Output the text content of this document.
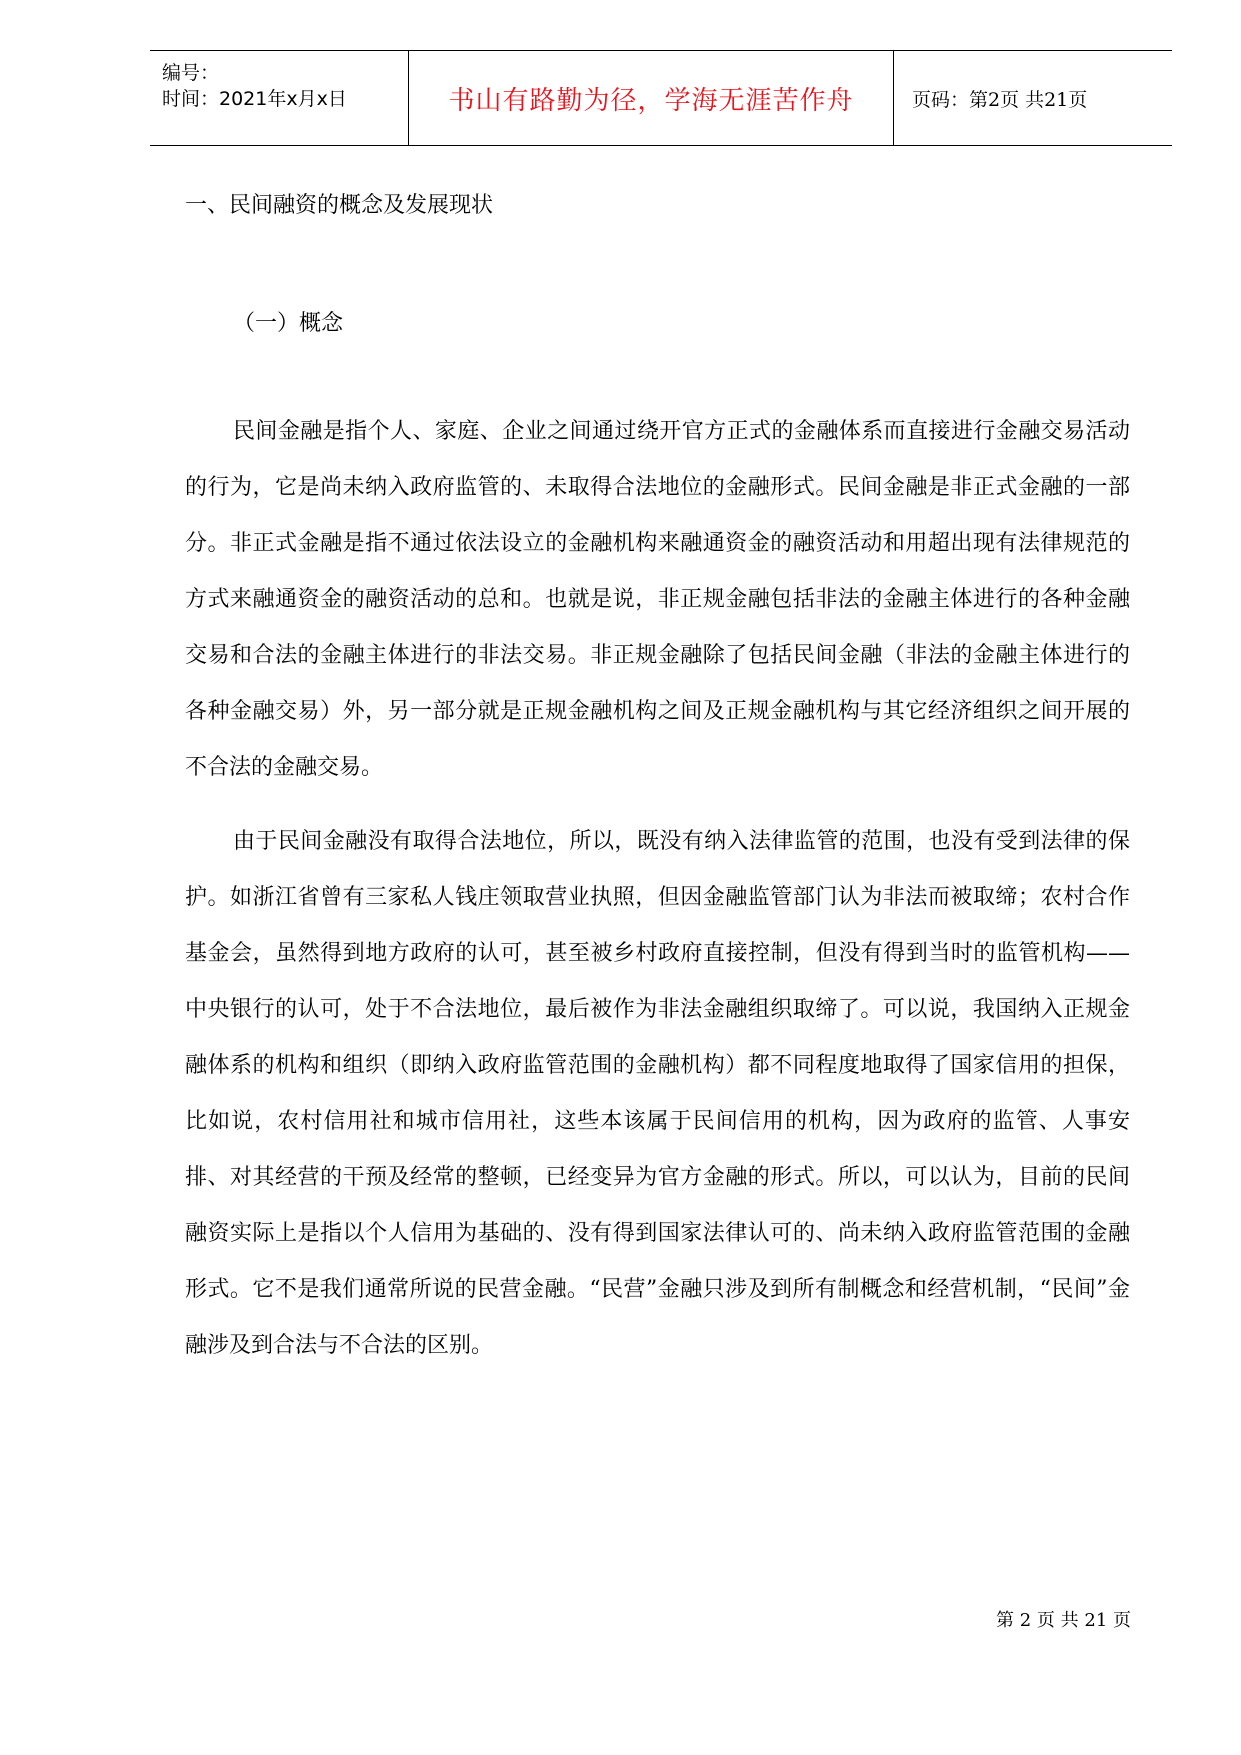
编号：
时间：2021年x月x日	书山有路勤为径，学海无涯苦作舟	页码：第2页 共21页
一、民间融资的概念及发展现状
（一）概念

民间金融是指个人、家庭、企业之间通过绕开官方正式的金融体系而直接进行金融交易活动的行为，它是尚未纳入政府监管的、未取得合法地位的金融形式。民间金融是非正式金融的一部分。非正式金融是指不通过依法设立的金融机构来融通资金的融资活动和用超出现有法律规范的方式来融通资金的融资活动的总和。也就是说，非正规金融包括非法的金融主体进行的各种金融交易和合法的金融主体进行的非法交易。非正规金融除了包括民间金融（非法的金融主体进行的各种金融交易）外，另一部分就是正规金融机构之间及正规金融机构与其它经济组织之间开展的不合法的金融交易。

由于民间金融没有取得合法地位，所以，既没有纳入法律监管的范围，也没有受到法律的保护。如浙江省曾有三家私人钱庄领取营业执照，但因金融监管部门认为非法而被取缔；农村合作基金会，虽然得到地方政府的认可，甚至被乡村政府直接控制，但没有得到当时的监管机构——中央银行的认可，处于不合法地位，最后被作为非法金融组织取缔了。可以说，我国纳入正规金融体系的机构和组织（即纳入政府监管范围的金融机构）都不同程度地取得了国家信用的担保，比如说，农村信用社和城市信用社，这些本该属于民间信用的机构，因为政府的监管、人事安排、对其经营的干预及经常的整顿，已经变异为官方金融的形式。所以，可以认为，目前的民间融资实际上是指以个人信用为基础的、没有得到国家法律认可的、尚未纳入政府监管范围的金融形式。它不是我们通常所说的民营金融。“民营”金融只涉及到所有制概念和经营机制，“民间”金融涉及到合法与不合法的区别。

第 2 页 共 21 页
